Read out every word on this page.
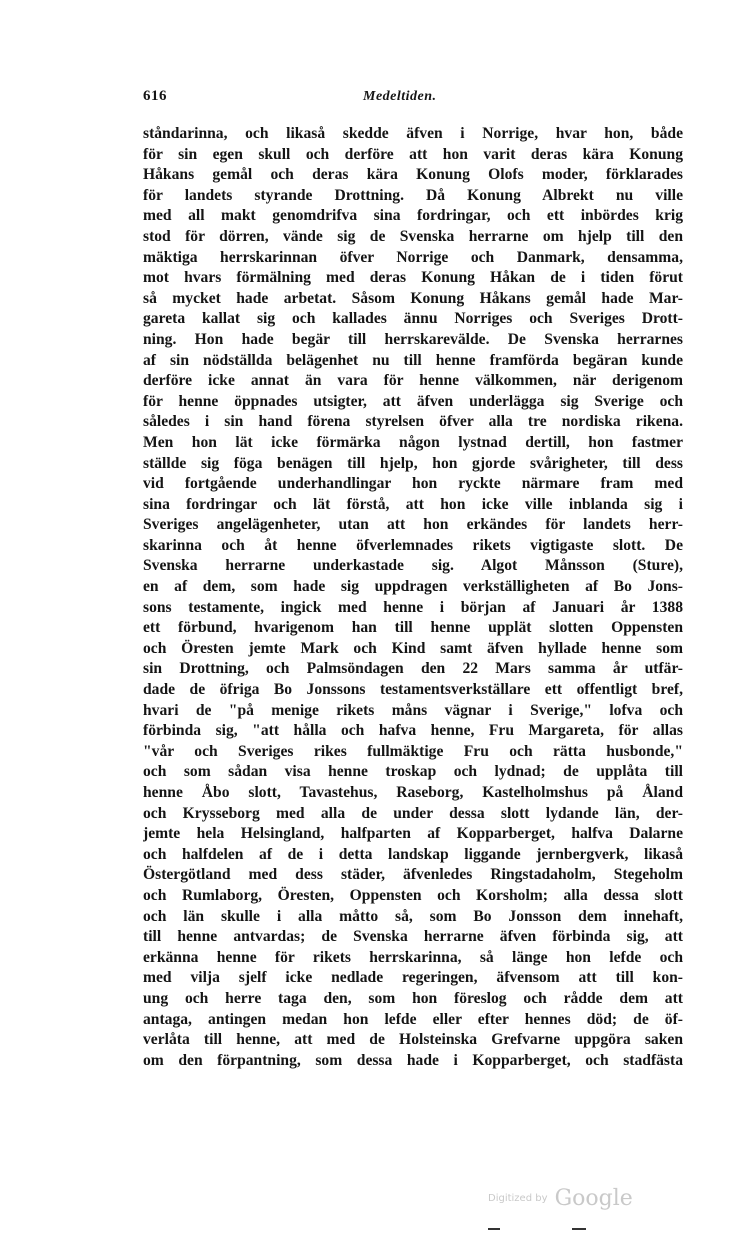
616	Medeltiden.
ståndarinna, och likaså skedde äfven i Norrige, hvar hon, både
för sin egen skull och derföre att hon varit deras kära Konung
Håkans gemål och deras kära Konung Olofs moder, förklarades
för landets styrande Drottning. Då Konung Albrekt nu ville
med all makt genomdrifva sina fordringar, och ett inbördes krig
stod för dörren, vände sig de Svenska herrarne om hjelp till den
mäktiga herrskarinnan öfver Norrige och Danmark, densamma,
mot hvars förmälning med deras Konung Håkan de i tiden förut
så mycket hade arbetat. Såsom Konung Håkans gemål hade Mar-
gareta kallat sig och kallades ännu Norriges och Sveriges Drott-
ning. Hon hade begär till herrskarevälde. De Svenska herrarnes
af sin nödställda belägenhet nu till henne framförda begäran kunde
derföre icke annat än vara för henne välkommen, när derigenom
för henne öppnades utsigter, att äfven underlägga sig Sverige och
således i sin hand förena styrelsen öfver alla tre nordiska rikena.
Men hon lät icke förmärka någon lystnad dertill, hon fastmer
ställde sig föga benägen till hjelp, hon gjorde svårigheter, till dess
vid fortgående underhandlingar hon ryckte närmare fram med
sina fordringar och lät förstå, att hon icke ville inblanda sig i
Sveriges angelägenheter, utan att hon erkändes för landets herr-
skarinna och åt henne öfverlemnades rikets vigtigaste slott. De
Svenska herrarne underkastade sig. Algot Månsson (Sture),
en af dem, som hade sig uppdragen verkställigheten af Bo Jons-
sons testamente, ingick med henne i början af Januari år 1388
ett förbund, hvarigenom han till henne upplät slotten Oppensten
och Öresten jemte Mark och Kind samt äfven hyllade henne som
sin Drottning, och Palmsöndagen den 22 Mars samma år utfär-
dade de öfriga Bo Jonssons testamentsverkställare ett offentligt bref,
hvari de "på menige rikets måns vägnar i Sverige," lofva och
förbinda sig, "att hålla och hafva henne, Fru Margareta, för allas
"vår och Sveriges rikes fullmäktige Fru och rätta husbonde,"
och som sådan visa henne troskap och lydnad; de upplåta till
henne Åbo slott, Tavastehus, Raseborg, Kastelholmshus på Åland
och Krysseborg med alla de under dessa slott lydande län, der-
jemte hela Helsingland, halfparten af Kopparberget, halfva Dalarne
och halfdelen af de i detta landskap liggande jernbergverk, likaså
Östergötland med dess städer, äfvenledes Ringstadaholm, Stegeholm
och Rumlaborg, Öresten, Oppensten och Korsholm; alla dessa slott
och län skulle i alla måtto så, som Bo Jonsson dem innehaft,
till henne antvardas; de Svenska herrarne äfven förbinda sig, att
erkänna henne för rikets herrskarinna, så länge hon lefde och
med vilja sjelf icke nedlade regeringen, äfvensom att till kon-
ung och herre taga den, som hon föreslog och rådde dem att
antaga, antingen medan hon lefde eller efter hennes död; de öf-
verlåta till henne, att med de Holsteinska Grefvarne uppgöra saken
om den förpantning, som dessa hade i Kopparberget, och stadfästa
Digitized by Google
